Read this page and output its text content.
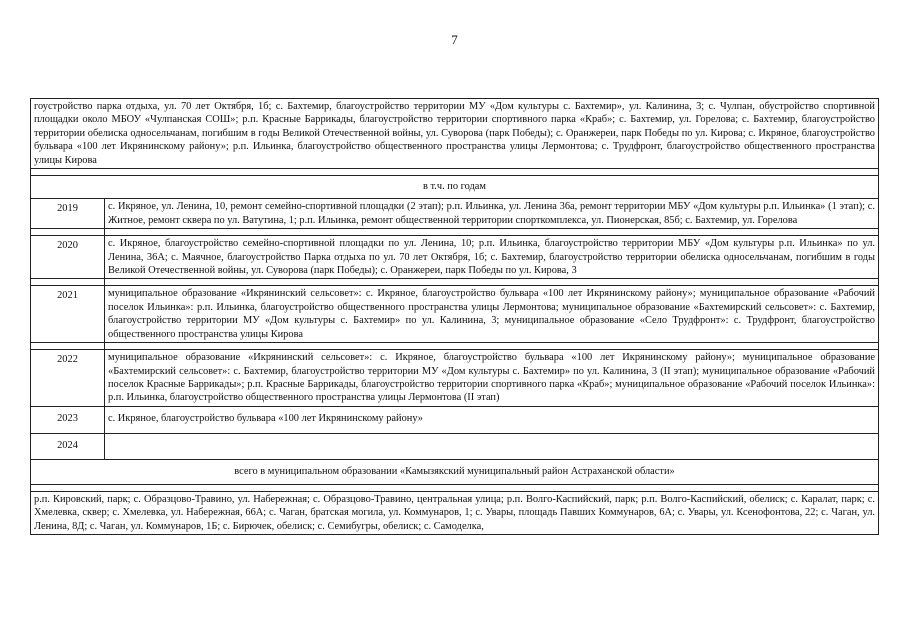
7
гоустройство парка отдыха, ул. 70 лет Октября, 1б; с. Бахтемир, благоустройство территории МУ «Дом культуры с. Бахтемир», ул. Калинина, 3; с. Чулпан, обустройство спортивной площадки около МБОУ «Чулпанская СОШ»; р.п. Красные Баррикады, благоустройство территории спортивного парка «Краб»; с. Бахтемир, ул. Горелова; с. Бахтемир, благоустройство территории обелиска односельчанам, погибшим в годы Великой Отечественной войны, ул. Суворова (парк Победы); с. Оранжереи, парк Победы по ул. Кирова; с. Икряное, благоустройство бульвара «100 лет Икрянинскому району»; р.п. Ильинка, благоустройство общественного пространства улицы Лермонтова; с. Трудфронт, благоустройство общественного пространства улицы Кирова	

в т.ч. по годам	
2019	с. Икряное, ул. Ленина, 10, ремонт семейно-спортивной площадки (2 этап); р.п. Ильинка, ул. Ленина 36а, ремонт территории МБУ «Дом культуры р.п. Ильинка» (1 этап); с. Житное, ремонт сквера по ул. Ватутина, 1; р.п. Ильинка, ремонт общественной территории спорткомплекса, ул. Пионерская, 85б; с. Бахтемир, ул. Горелова

2020	с. Икряное, благоустройство семейно-спортивной площадки по ул. Ленина, 10; р.п. Ильинка, благоустройство территории МБУ «Дом культуры р.п. Ильинка» по ул. Ленина, 36А; с. Маячное, благоустройство Парка отдыха по ул. 70 лет Октября, 1б; с. Бахтемир, благоустройство территории обелиска односельчанам, погибшим в годы Великой Отечественной войны, ул. Суворова (парк Победы); с. Оранжереи, парк Победы по ул. Кирова, 3

2021	муниципальное образование «Икрянинский сельсовет»: с. Икряное, благоустройство бульвара «100 лет Икрянинскому району»; муниципальное образование «Рабочий поселок Ильинка»: р.п. Ильинка, благоустройство общественного пространства улицы Лермонтова; муниципальное образование «Бахтемирский сельсовет»: с. Бахтемир, благоустройство территории МУ «Дом культуры с. Бахтемир» по ул. Калинина, 3; муниципальное образование «Село Трудфронт»: с. Трудфронт, благоустройство общественного пространства улицы Кирова

2022	муниципальное образование «Икрянинский сельсовет»: с. Икряное, благоустройство бульвара «100 лет Икрянинскому району»; муниципальное образование «Бахтемирский сельсовет»: с. Бахтемир, благоустройство территории МУ «Дом культуры с. Бахтемир» по ул. Калинина, 3 (II этап); муниципальное образование «Рабочий поселок Красные Баррикады»; р.п. Красные Баррикады, благоустройство территории спортивного парка «Краб»; муниципальное образование «Рабочий поселок Ильинка»: р.п. Ильинка, благоустройство общественного пространства улицы Лермонтова (II этап)
2023	с. Икряное, благоустройство бульвара «100 лет Икрянинскому району»
2024	
всего в муниципальном образовании «Камызякский муниципальный район Астраханской области»	

р.п. Кировский, парк; с. Образцово-Травино, ул. Набережная; с. Образцово-Травино, центральная улица; р.п. Волго-Каспийский, парк; р.п. Волго-Каспийский, обелиск; с. Каралат, парк; с. Хмелевка, сквер; с. Хмелевка, ул. Набережная, 66А; с. Чаган, братская могила, ул. Коммунаров, 1; с. Увары, площадь Павших Коммунаров, 6А; с. Увары, ул. Ксенофонтова, 22; с. Чаган, ул. Ленина, 8Д; с. Чаган, ул. Коммунаров, 1Б; с. Бирючек, обелиск; с. Семибугры, обелиск; с. Самоделка,	
